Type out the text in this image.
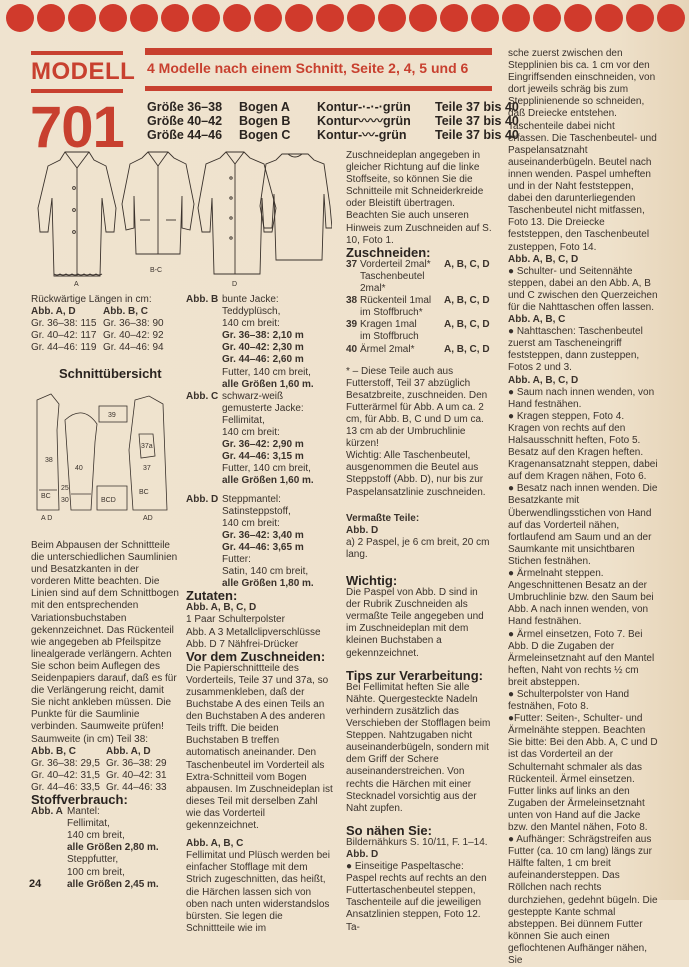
MODELL
701
4 Modelle nach einem Schnitt, Seite 2, 4, 5 und 6
Größe 36–38	Bogen A	Kontur-·-·-·grün	Teile 37 bis 40
Größe 40–42	Bogen B	Kontur〰〰grün	Teile 37 bis 40
Größe 44–46	Bogen C	Kontur-〰-grün	Teile 37 bis 40
A
B-C
D

Rückwärtige Längen in cm:

Abb. A, D	Abb. B, C
Gr. 36–38: 115 Gr. 36–38: 90
Gr. 40–42: 117 Gr. 40–42: 92
Gr. 44–46: 119 Gr. 44–46: 94

Schnittübersicht

39
38
40
37a
37
BC
BC
A D
BCD
AD
25
30

Beim Abpausen der Schnittteile die unterschiedlichen Saumlinien und Besatzkanten in der vorderen Mitte beachten. Die Linien sind auf dem Schnittbogen mit den entsprechenden Variationsbuchstaben gekennzeichnet. Das Rückenteil wie angegeben ab Pfeilspitze linealgerade verlängern. Achten Sie schon beim Auflegen des Seidenpapiers darauf, daß es für die Verlängerung reicht, damit Sie nicht ankleben müssen. Die Punkte für die Saumlinie verbinden. Saumweite prüfen!

Saumweite (in cm) Teil 38:

Abb. B, C	Abb. A, D
Gr. 36–38: 29,5 Gr. 36–38: 29
Gr. 40–42: 31,5 Gr. 40–42: 31
Gr. 44–46: 33,5 Gr. 44–46: 33

Stoffverbrauch:

Abb. A Mantel:

Fellimitat,

140 cm breit,

alle Größen 2,80 m.

Steppfutter,

100 cm breit,

alle Größen 2,45 m.

Abb. B bunte Jacke:

Teddyplüsch,

140 cm breit:

Gr. 36–38: 2,10 m

Gr. 40–42: 2,30 m

Gr. 44–46: 2,60 m

Futter, 140 cm breit,

alle Größen 1,60 m.

Abb. C schwarz-weiß

gemusterte Jacke:

Fellimitat,

140 cm breit:

Gr. 36–42: 2,90 m

Gr. 44–46: 3,15 m

Futter, 140 cm breit,

alle Größen 1,60 m.

Abb. D Steppmantel:

Satinsteppstoff,

140 cm breit:

Gr. 36–42: 3,40 m

Gr. 44–46: 3,65 m

Futter:

Satin, 140 cm breit,

alle Größen 1,80 m.

Zutaten:

Abb. A, B, C, D

1 Paar Schulterpolster

Abb. A 3 Metallclipverschlüsse

Abb. D 7 Nähfrei-Drücker

Vor dem Zuschneiden:

Die Papierschnittteile des Vorderteils, Teile 37 und 37a, so zusammenkleben, daß der Buchstabe A des einen Teils an den Buchstaben A des anderen Teils trifft. Die beiden Buchstaben B treffen automatisch aneinander. Den Taschenbeutel im Vorderteil als Extra-Schnitteil vom Bogen abpausen. Im Zuschneideplan ist dieses Teil mit derselben Zahl wie das Vorderteil gekennzeichnet.

Abb. A, B, C

Fellimitat und Plüsch werden bei einfacher Stofflage mit dem Strich zugeschnitten, das heißt, die Härchen lassen sich von oben nach unten widerstandslos bürsten. Sie legen die Schnittteile wie im

Zuschneideplan angegeben in gleicher Richtung auf die linke Stoffseite, so können Sie die Schnitteile mit Schneiderkreide oder Bleistift übertragen. Beachten Sie auch unseren Hinweis zum Zuschneiden auf S. 10, Foto 1.

Zuschneiden:

37 Vorderteil 2mal*
Taschenbeutel
2mal*
A, B, C, D
38 Rückenteil 1mal
im Stoffbruch*
A, B, C, D
39 Kragen 1mal
im Stoffbruch
A, B, C, D
40 Ärmel 2mal*	A, B, C, D

* – Diese Teile auch aus Futterstoff, Teil 37 abzüglich Besatzbreite, zuschneiden. Den Futterärmel für Abb. A um ca. 2 cm, für Abb. B, C und D um ca. 13 cm ab der Umbruchlinie kürzen!

Wichtig: Alle Taschenbeutel, ausgenommen die Beutel aus Steppstoff (Abb. D), nur bis zur Paspelansatzlinie zuschneiden.

Vermaßte Teile:

Abb. D

a) 2 Paspel, je 6 cm breit, 20 cm lang.

Wichtig:

Die Paspel von Abb. D sind in der Rubrik Zuschneiden als vermaßte Teile angegeben und im Zuschneideplan mit dem kleinen Buchstaben a gekennzeichnet.

Tips zur Verarbeitung:

Bei Fellimitat heften Sie alle Nähte. Quergesteckte Nadeln verhindern zusätzlich das Verschieben der Stofflagen beim Steppen. Nahtzugaben nicht auseinanderbügeln, sondern mit dem Griff der Schere auseinanderstreichen. Von rechts die Härchen mit einer Stecknadel vorsichtig aus der Naht zupfen.

So nähen Sie:

Bildernähkurs S. 10/11, F. 1–14.

Abb. D

● Einseitige Paspeltasche: Paspel rechts auf rechts an den Futtertaschenbeutel steppen, Taschenteile auf die jeweiligen Ansatzlinien steppen, Foto 12. Ta-

sche zuerst zwischen den Stepplinien bis ca. 1 cm vor den Eingriffsenden einschneiden, von dort jeweils schräg bis zum Stepplinienende so schneiden, daß Dreiecke entstehen. Taschenteile dabei nicht erfassen. Die Taschenbeutel- und Paspelansatznaht auseinanderbügeln. Beutel nach innen wenden. Paspel umheften und in der Naht feststeppen, dabei den darunterliegenden Taschenbeutel nicht mitfassen, Foto 13. Die Dreiecke feststeppen, den Taschenbeutel zusteppen, Foto 14.

Abb. A, B, C, D

● Schulter- und Seitennähte steppen, dabei an den Abb. A, B und C zwischen den Querzeichen für die Nahttaschen offen lassen.

Abb. A, B, C

● Nahttaschen: Taschenbeutel zuerst am Tascheneingriff feststeppen, dann zusteppen, Fotos 2 und 3.

Abb. A, B, C, D

● Saum nach innen wenden, von Hand festnähen.

● Kragen steppen, Foto 4. Kragen von rechts auf den Halsausschnitt heften, Foto 5. Besatz auf den Kragen heften. Kragenansatznaht steppen, dabei auf dem Kragen nähen, Foto 6.

● Besatz nach innen wenden. Die Besatzkante mit Überwendlingsstichen von Hand auf das Vorderteil nähen, fortlaufend am Saum und an der Saumkante mit unsichtbaren Stichen festnähen.

● Ärmelnaht steppen. Angeschnittenen Besatz an der Umbruchlinie bzw. den Saum bei Abb. A nach innen wenden, von Hand festnähen.

● Ärmel einsetzen, Foto 7. Bei Abb. D die Zugaben der Ärmeleinsetznaht auf den Mantel heften, Naht von rechts ½ cm breit absteppen.

● Schulterpolster von Hand festnähen, Foto 8.

●Futter: Seiten-, Schulter- und Ärmelnähte steppen. Beachten Sie bitte: Bei den Abb. A, C und D ist das Vorderteil an der Schulternaht schmaler als das Rückenteil. Ärmel einsetzen. Futter links auf links an den Zugaben der Ärmeleinsetznaht unten von Hand auf die Jacke bzw. den Mantel nähen, Foto 8.

● Aufhänger: Schrägstreifen aus Futter (ca. 10 cm lang) längs zur Hälfte falten, 1 cm breit aufeinandersteppen. Das Röllchen nach rechts durchziehen, gedehnt bügeln. Die gesteppte Kante schmal absteppen. Bei dünnem Futter können Sie auch einen geflochtenen Aufhänger nähen, Sie

24
